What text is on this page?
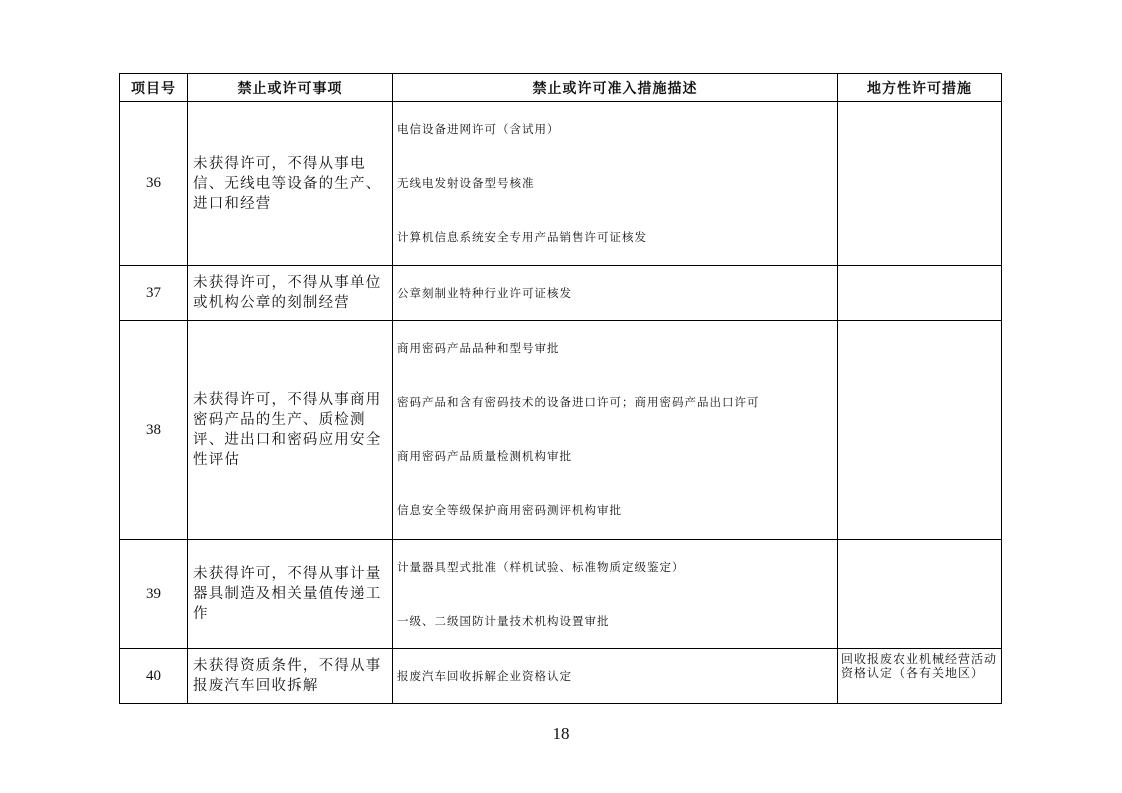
项目号	禁止或许可事项	禁止或许可准入措施描述	地方性许可措施
36	未获得许可，不得从事电信、无线电等设备的生产、进口和经营	电信设备进网许可（含试用）
无线电发射设备型号核准
计算机信息系统安全专用产品销售许可证核发	

37	未获得许可，不得从事单位或机构公章的刻制经营	公章刻制业特种行业许可证核发	

38	未获得许可，不得从事商用密码产品的生产、质检测评、进出口和密码应用安全性评估	商用密码产品品种和型号审批
密码产品和含有密码技术的设备进口许可；商用密码产品出口许可
商用密码产品质量检测机构审批
信息安全等级保护商用密码测评机构审批	

39	未获得许可，不得从事计量器具制造及相关量值传递工作	计量器具型式批准（样机试验、标准物质定级鉴定）
一级、二级国防计量技术机构设置审批	

40	未获得资质条件，不得从事报废汽车回收拆解	报废汽车回收拆解企业资格认定	回收报废农业机械经营活动资格认定（各有关地区）
18
